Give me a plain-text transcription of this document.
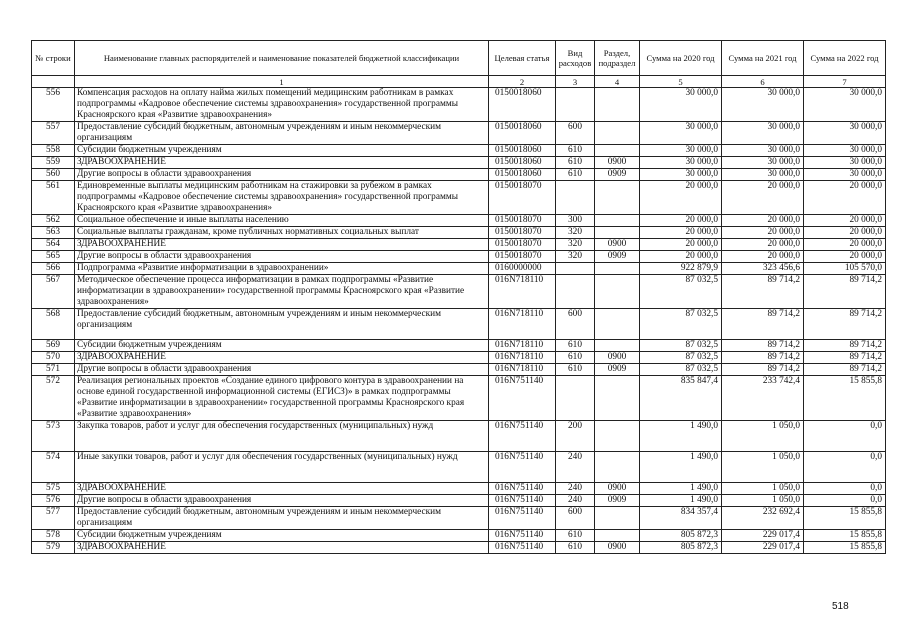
№ строки	Наименование главных распорядителей и наименование показателей бюджетной классификации	Целевая статья	Вид расходов	Раздел, подраздел	Сумма на 2020 год	Сумма на 2021 год	Сумма на 2022 год
	1	2	3	4	5	6	7
556	Компенсация расходов на оплату найма жилых помещений медицинским работникам в рамках подпрограммы «Кадровое обеспечение системы здравоохранения» государственной программы Красноярского края «Развитие здравоохранения»	0150018060			30 000,0	30 000,0	30 000,0
557	Предоставление субсидий бюджетным, автономным учреждениям и иным некоммерческим организациям	0150018060	600		30 000,0	30 000,0	30 000,0
558	Субсидии бюджетным учреждениям	0150018060	610		30 000,0	30 000,0	30 000,0
559	ЗДРАВООХРАНЕНИЕ	0150018060	610	0900	30 000,0	30 000,0	30 000,0
560	Другие вопросы в области здравоохранения	0150018060	610	0909	30 000,0	30 000,0	30 000,0
561	Единовременные выплаты медицинским работникам на стажировки за рубежом в рамках подпрограммы «Кадровое обеспечение системы здравоохранения» государственной программы Красноярского края «Развитие здравоохранения»	0150018070			20 000,0	20 000,0	20 000,0
562	Социальное обеспечение и иные выплаты населению	0150018070	300		20 000,0	20 000,0	20 000,0
563	Социальные выплаты гражданам, кроме публичных нормативных социальных выплат	0150018070	320		20 000,0	20 000,0	20 000,0
564	ЗДРАВООХРАНЕНИЕ	0150018070	320	0900	20 000,0	20 000,0	20 000,0
565	Другие вопросы в области здравоохранения	0150018070	320	0909	20 000,0	20 000,0	20 000,0
566	Подпрограмма «Развитие информатизации в здравоохранении»	0160000000			922 879,9	323 456,6	105 570,0
567	Методическое обеспечение процесса информатизации в рамках подпрограммы «Развитие информатизации в здравоохранении» государственной программы Красноярского края «Развитие здравоохранения»	016N718110			87 032,5	89 714,2	89 714,2
568	Предоставление субсидий бюджетным, автономным учреждениям и иным некоммерческим организациям	016N718110	600		87 032,5	89 714,2	89 714,2
569	Субсидии бюджетным учреждениям	016N718110	610		87 032,5	89 714,2	89 714,2
570	ЗДРАВООХРАНЕНИЕ	016N718110	610	0900	87 032,5	89 714,2	89 714,2
571	Другие вопросы в области здравоохранения	016N718110	610	0909	87 032,5	89 714,2	89 714,2
572	Реализация региональных проектов «Создание единого цифрового контура в здравоохранении на основе единой государственной информационной системы (ЕГИСЗ)» в рамках подпрограммы «Развитие информатизации в здравоохранении» государственной программы Красноярского края «Развитие здравоохранения»	016N751140			835 847,4	233 742,4	15 855,8
573	Закупка товаров, работ и услуг для обеспечения государственных (муниципальных) нужд	016N751140	200		1 490,0	1 050,0	0,0
574	Иные закупки товаров, работ и услуг для обеспечения государственных (муниципальных) нужд	016N751140	240		1 490,0	1 050,0	0,0
575	ЗДРАВООХРАНЕНИЕ	016N751140	240	0900	1 490,0	1 050,0	0,0
576	Другие вопросы в области здравоохранения	016N751140	240	0909	1 490,0	1 050,0	0,0
577	Предоставление субсидий бюджетным, автономным учреждениям и иным некоммерческим организациям	016N751140	600		834 357,4	232 692,4	15 855,8
578	Субсидии бюджетным учреждениям	016N751140	610		805 872,3	229 017,4	15 855,8
579	ЗДРАВООХРАНЕНИЕ	016N751140	610	0900	805 872,3	229 017,4	15 855,8
518
